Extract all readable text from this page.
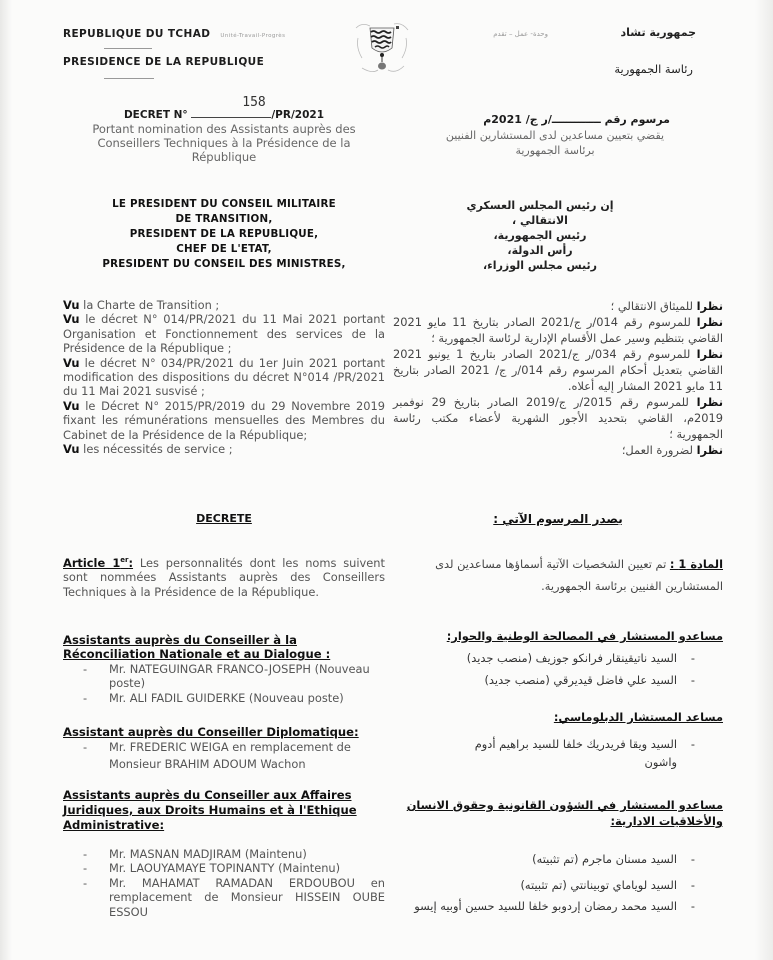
REPUBLIQUE DU TCHAD Unité-Travail-Progrès
PRESIDENCE DE LA REPUBLIQUE
جمهورية تشاد
وحدة- عمل – تقدم
رئاسة الجمهورية
158
DECRET N°	/PR/2021
Portant nomination des Assistants auprès des Conseillers Techniques à la Présidence de la République
مرسوم رقم ـــــــــــــ/ر ج/ 2021م
يقضي بتعيين مساعدين لدى المستشارين الفنيين برئاسة الجمهورية
LE PRESIDENT DU CONSEIL MILITAIRE
DE TRANSITION,
PRESIDENT DE LA REPUBLIQUE,
CHEF DE L'ETAT,
PRESIDENT DU CONSEIL DES MINISTRES,
إن رئيس المجلس العسكري
الانتقالي ،
رئيس الجمهورية،
رأس الدولة،
رئيس مجلس الوزراء،
Vu la Charte de Transition ;
Vu le décret N° 014/PR/2021 du 11 Mai 2021 portant Organisation et Fonctionnement des services de la Présidence de la République ;
Vu le décret N° 034/PR/2021 du 1er Juin 2021 portant modification des dispositions du décret N°014 /PR/2021 du 11 Mai 2021 susvisé ;
Vu le Décret N° 2015/PR/2019 du 29 Novembre 2019 fixant les rémunérations mensuelles des Membres du Cabinet de la Présidence de la République;
Vu les nécessités de service ;
نظرا للميثاق الانتقالي ؛
نظرا للمرسوم رقم 014/ر ج/2021 الصادر بتاريخ 11 مايو 2021 القاضي بتنظيم وسير عمل الأقسام الإدارية لرئاسة الجمهورية ؛
نظرا للمرسوم رقم 034/ر ج/2021 الصادر بتاريخ 1 يونيو 2021 القاضي بتعديل أحكام المرسوم رقم 014/ر ج/ 2021 الصادر بتاريخ 11 مايو 2021 المشار إليه أعلاه.
نظرا للمرسوم رقم 2015/ر ج/2019 الصادر بتاريخ 29 نوفمبر 2019م، القاضي بتحديد الأجور الشهرية لأعضاء مكتب رئاسة الجمهورية ؛
نظرا لضرورة العمل؛
DECRETE	يصدر المرسوم الآتي :
Article 1er: Les personnalités dont les noms suivent sont nommées Assistants auprès des Conseillers Techniques à la Présidence de la République.
المادة 1 : تم تعيين الشخصيات الآتية أسماؤها مساعدين لدى المستشارين الفنيين برئاسة الجمهورية.
Assistants auprès du Conseiller à la Réconciliation Nationale et au Dialogue :
- Mr. NATEGUINGAR FRANCO-JOSEPH (Nouveau poste)
- Mr. ALI FADIL GUIDERKE (Nouveau poste)
مساعدو المستشار في المصالحة الوطنية والحوار:
-
السيد ناتيقينقار فرانكو جوزيف (منصب جديد)
-
السيد علي فاضل قيديرقي (منصب جديد)
Assistant auprès du Conseiller Diplomatique:
- Mr. FREDERIC WEIGA en remplacement de Monsieur BRAHIM ADOUM Wachon
مساعد المستشار الدبلوماسي:
-
السيد ويقا فريدريك خلفا للسيد براهيم أدوم واشون
Assistants auprès du Conseiller aux Affaires Juridiques, aux Droits Humains et à l'Ethique Administrative:
- Mr. MASNAN MADJIRAM (Maintenu)
- Mr. LAOUYAMAYE TOPINANTY (Maintenu)
- Mr. MAHAMAT RAMADAN ERDOUBOU en remplacement de Monsieur HISSEIN OUBE ESSOU
مساعدو المستشار في الشؤون القانونية وحقوق الانسان والأخلاقيات الادارية:
-
السيد مسنان ماجرم (تم تثبيته)
-
السيد لوياماي توبينانتي (تم تثبيته)
-
السيد محمد رمضان إردوبو خلفا للسيد حسين أوبيه إيسو
